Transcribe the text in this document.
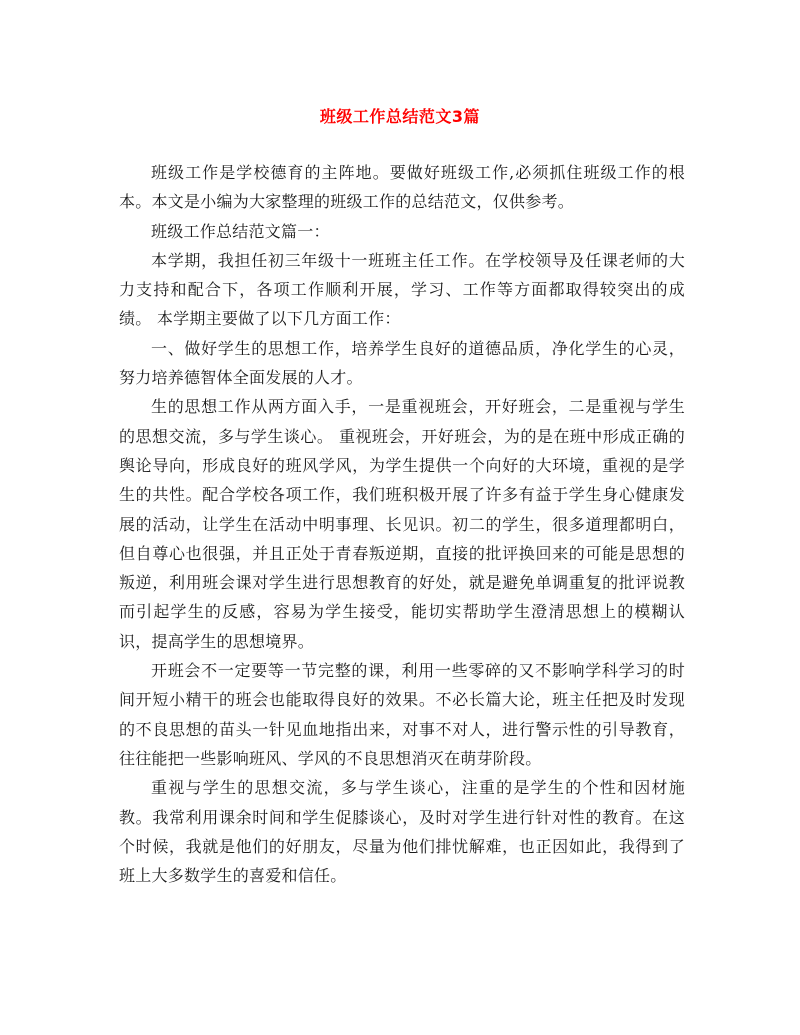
班级工作总结范文3篇

班级工作是学校德育的主阵地。要做好班级工作,必须抓住班级工作的根本。本文是小编为大家整理的班级工作的总结范文，仅供参考。

班级工作总结范文篇一：

本学期，我担任初三年级十一班班主任工作。在学校领导及任课老师的大力支持和配合下，各项工作顺利开展，学习、工作等方面都取得较突出的成绩。 本学期主要做了以下几方面工作：

一、做好学生的思想工作，培养学生良好的道德品质，净化学生的心灵，努力培养德智体全面发展的人才。

生的思想工作从两方面入手，一是重视班会，开好班会，二是重视与学生的思想交流，多与学生谈心。 重视班会，开好班会，为的是在班中形成正确的舆论导向，形成良好的班风学风，为学生提供一个向好的大环境，重视的是学生的共性。配合学校各项工作，我们班积极开展了许多有益于学生身心健康发展的活动，让学生在活动中明事理、长见识。初二的学生，很多道理都明白，但自尊心也很强，并且正处于青春叛逆期，直接的批评换回来的可能是思想的叛逆，利用班会课对学生进行思想教育的好处，就是避免单调重复的批评说教而引起学生的反感，容易为学生接受，能切实帮助学生澄清思想上的模糊认识，提高学生的思想境界。

开班会不一定要等一节完整的课，利用一些零碎的又不影响学科学习的时间开短小精干的班会也能取得良好的效果。不必长篇大论，班主任把及时发现的不良思想的苗头一针见血地指出来，对事不对人，进行警示性的引导教育，往往能把一些影响班风、学风的不良思想消灭在萌芽阶段。

重视与学生的思想交流，多与学生谈心，注重的是学生的个性和因材施教。我常利用课余时间和学生促膝谈心，及时对学生进行针对性的教育。在这个时候，我就是他们的好朋友，尽量为他们排忧解难，也正因如此，我得到了班上大多数学生的喜爱和信任。
